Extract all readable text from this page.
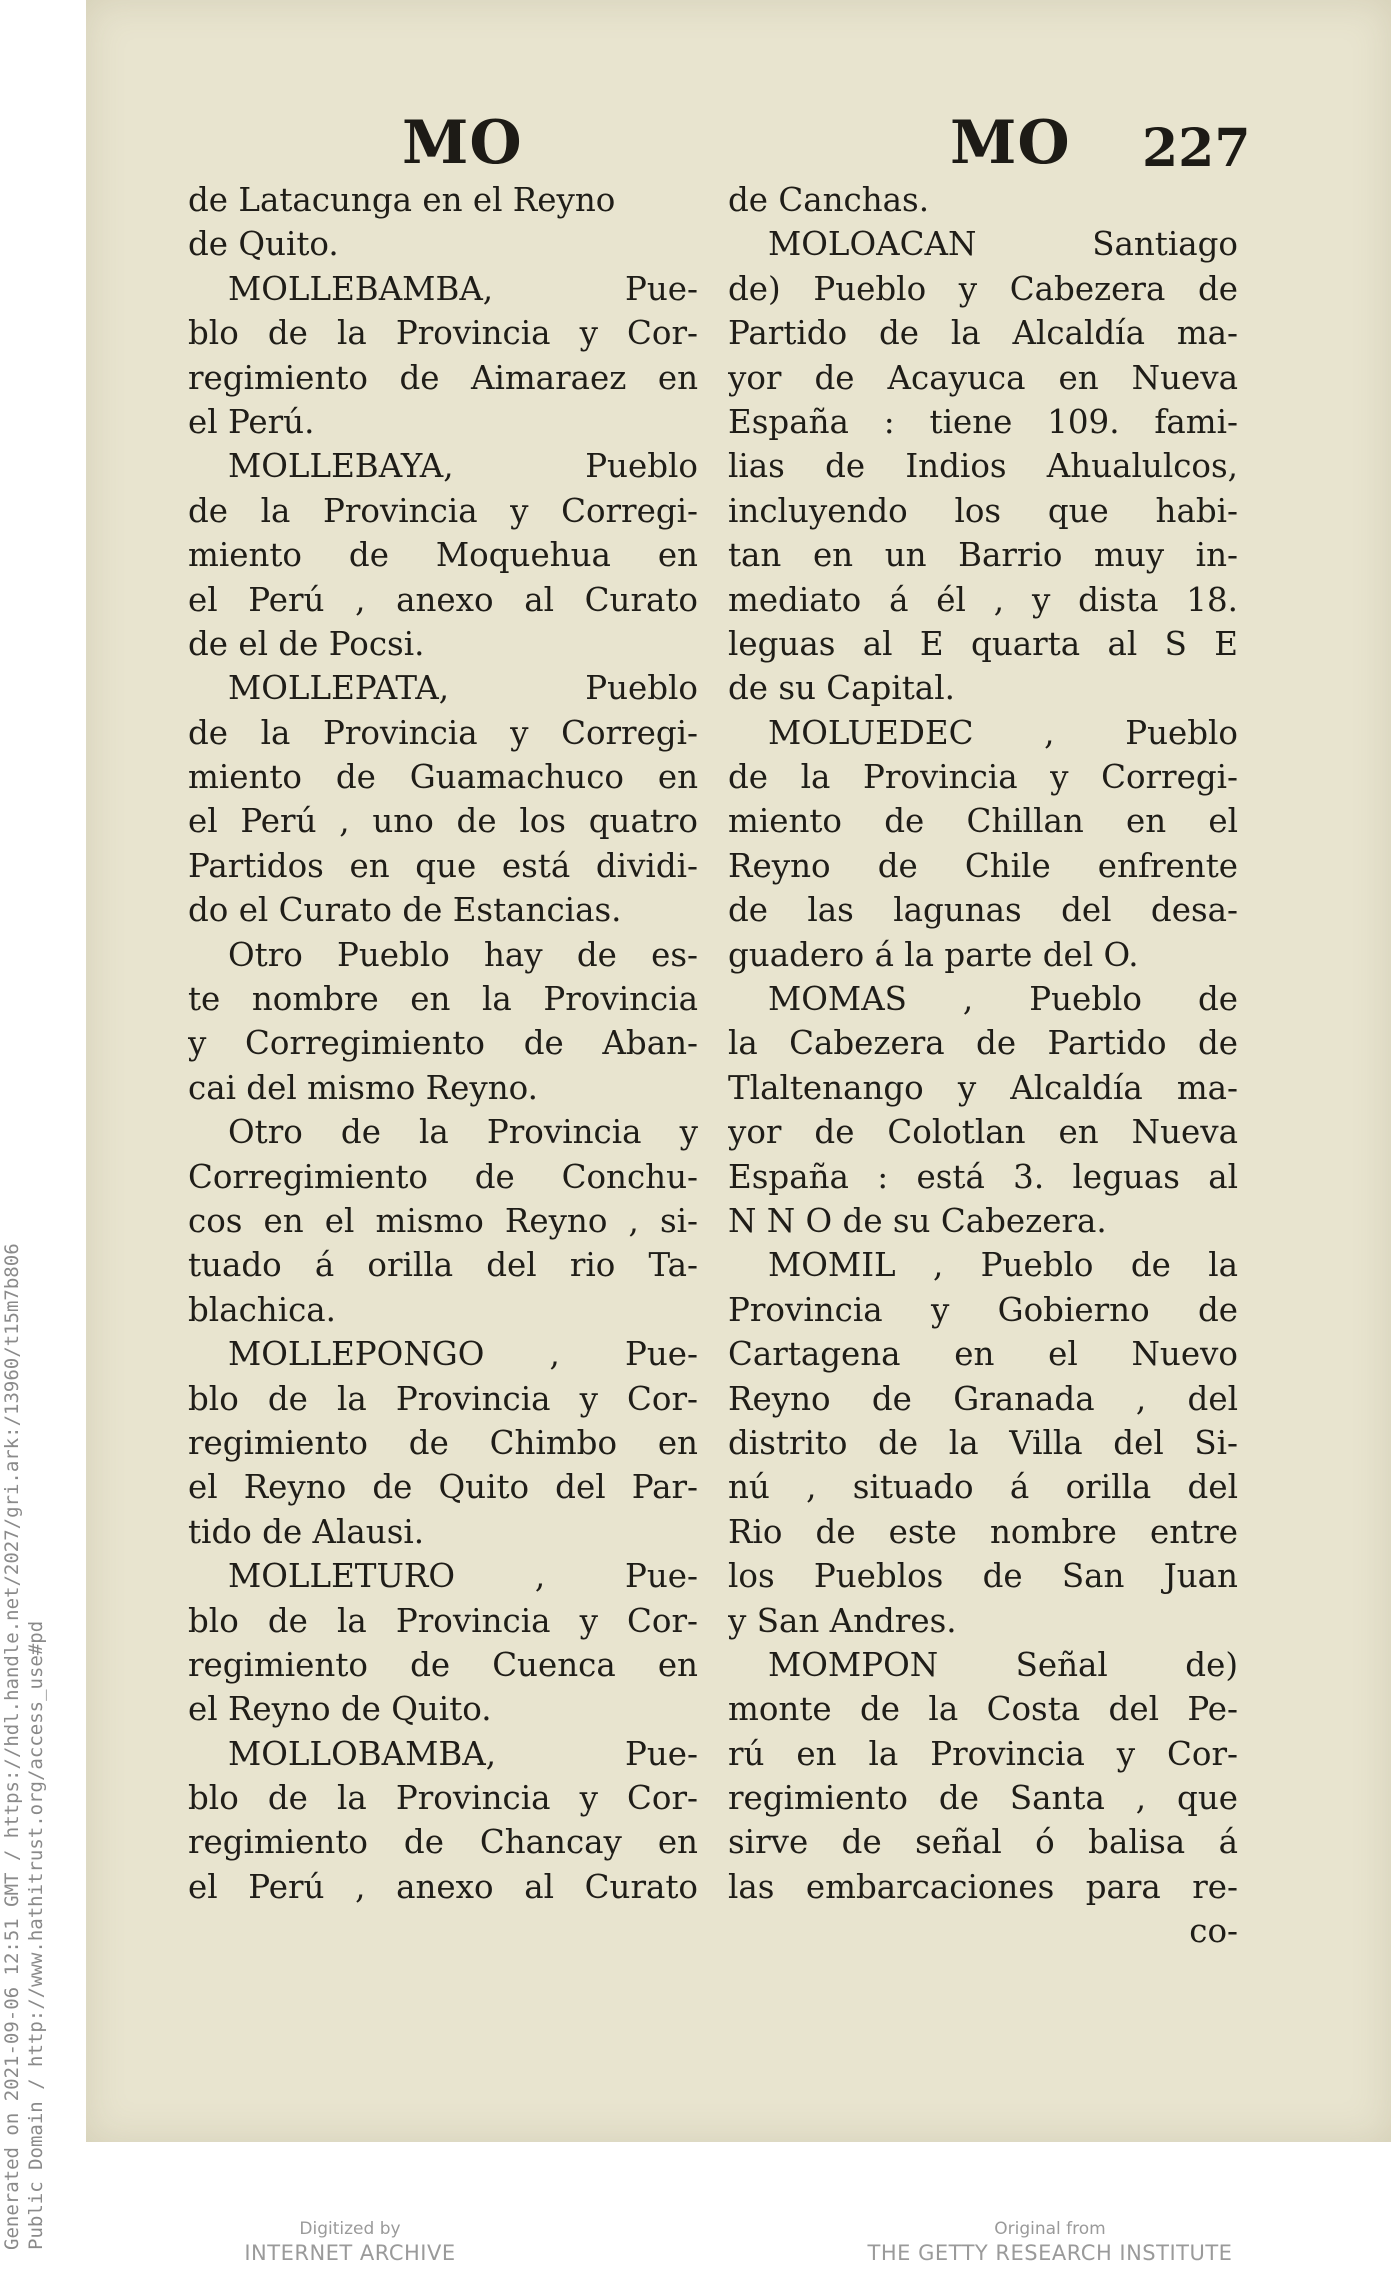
MO	MO 227
de Latacunga en el Reyno
de Quito.
MOLLEBAMBA, Pue-
blo de la Provincia y Cor-
regimiento de Aimaraez en
el Perú.
MOLLEBAYA, Pueblo
de la Provincia y Corregi-
miento de Moquehua en
el Perú , anexo al Curato
de el de Pocsi.
MOLLEPATA, Pueblo
de la Provincia y Corregi-
miento de Guamachuco en
el Perú , uno de los quatro
Partidos en que está dividi-
do el Curato de Estancias.
Otro Pueblo hay de es-
te nombre en la Provincia
y Corregimiento de Aban-
cai del mismo Reyno.
Otro de la Provincia y
Corregimiento de Conchu-
cos en el mismo Reyno , si-
tuado á orilla del rio Ta-
blachica.
MOLLEPONGO , Pue-
blo de la Provincia y Cor-
regimiento de Chimbo en
el Reyno de Quito del Par-
tido de Alausi.
MOLLETURO , Pue-
blo de la Provincia y Cor-
regimiento de Cuenca en
el Reyno de Quito.
MOLLOBAMBA, Pue-
blo de la Provincia y Cor-
regimiento de Chancay en
el Perú , anexo al Curato
de Canchas.
MOLOACAN Santiago
de) Pueblo y Cabezera de
Partido de la Alcaldía ma-
yor de Acayuca en Nueva
España : tiene 109. fami-
lias de Indios Ahualulcos,
incluyendo los que habi-
tan en un Barrio muy in-
mediato á él , y dista 18.
leguas al E quarta al S E
de su Capital.
MOLUEDEC , Pueblo
de la Provincia y Corregi-
miento de Chillan en el
Reyno de Chile enfrente
de las lagunas del desa-
guadero á la parte del O.
MOMAS , Pueblo de
la Cabezera de Partido de
Tlaltenango y Alcaldía ma-
yor de Colotlan en Nueva
España : está 3. leguas al
N N O de su Cabezera.
MOMIL , Pueblo de la
Provincia y Gobierno de
Cartagena en el Nuevo
Reyno de Granada , del
distrito de la Villa del Si-
nú , situado á orilla del
Rio de este nombre entre
los Pueblos de San Juan
y San Andres.
MOMPON Señal de)
monte de la Costa del Pe-
rú en la Provincia y Cor-
regimiento de Santa , que
sirve de señal ó balisa á
las embarcaciones para re-
co-
Generated on 2021-09-06 12:51 GMT / https://hdl.handle.net/2027/gri.ark:/13960/t15m7b806 Public Domain / http://www.hathitrust.org/access_use#pd	Digitized by
INTERNET ARCHIVE
Original from
THE GETTY RESEARCH INSTITUTE
